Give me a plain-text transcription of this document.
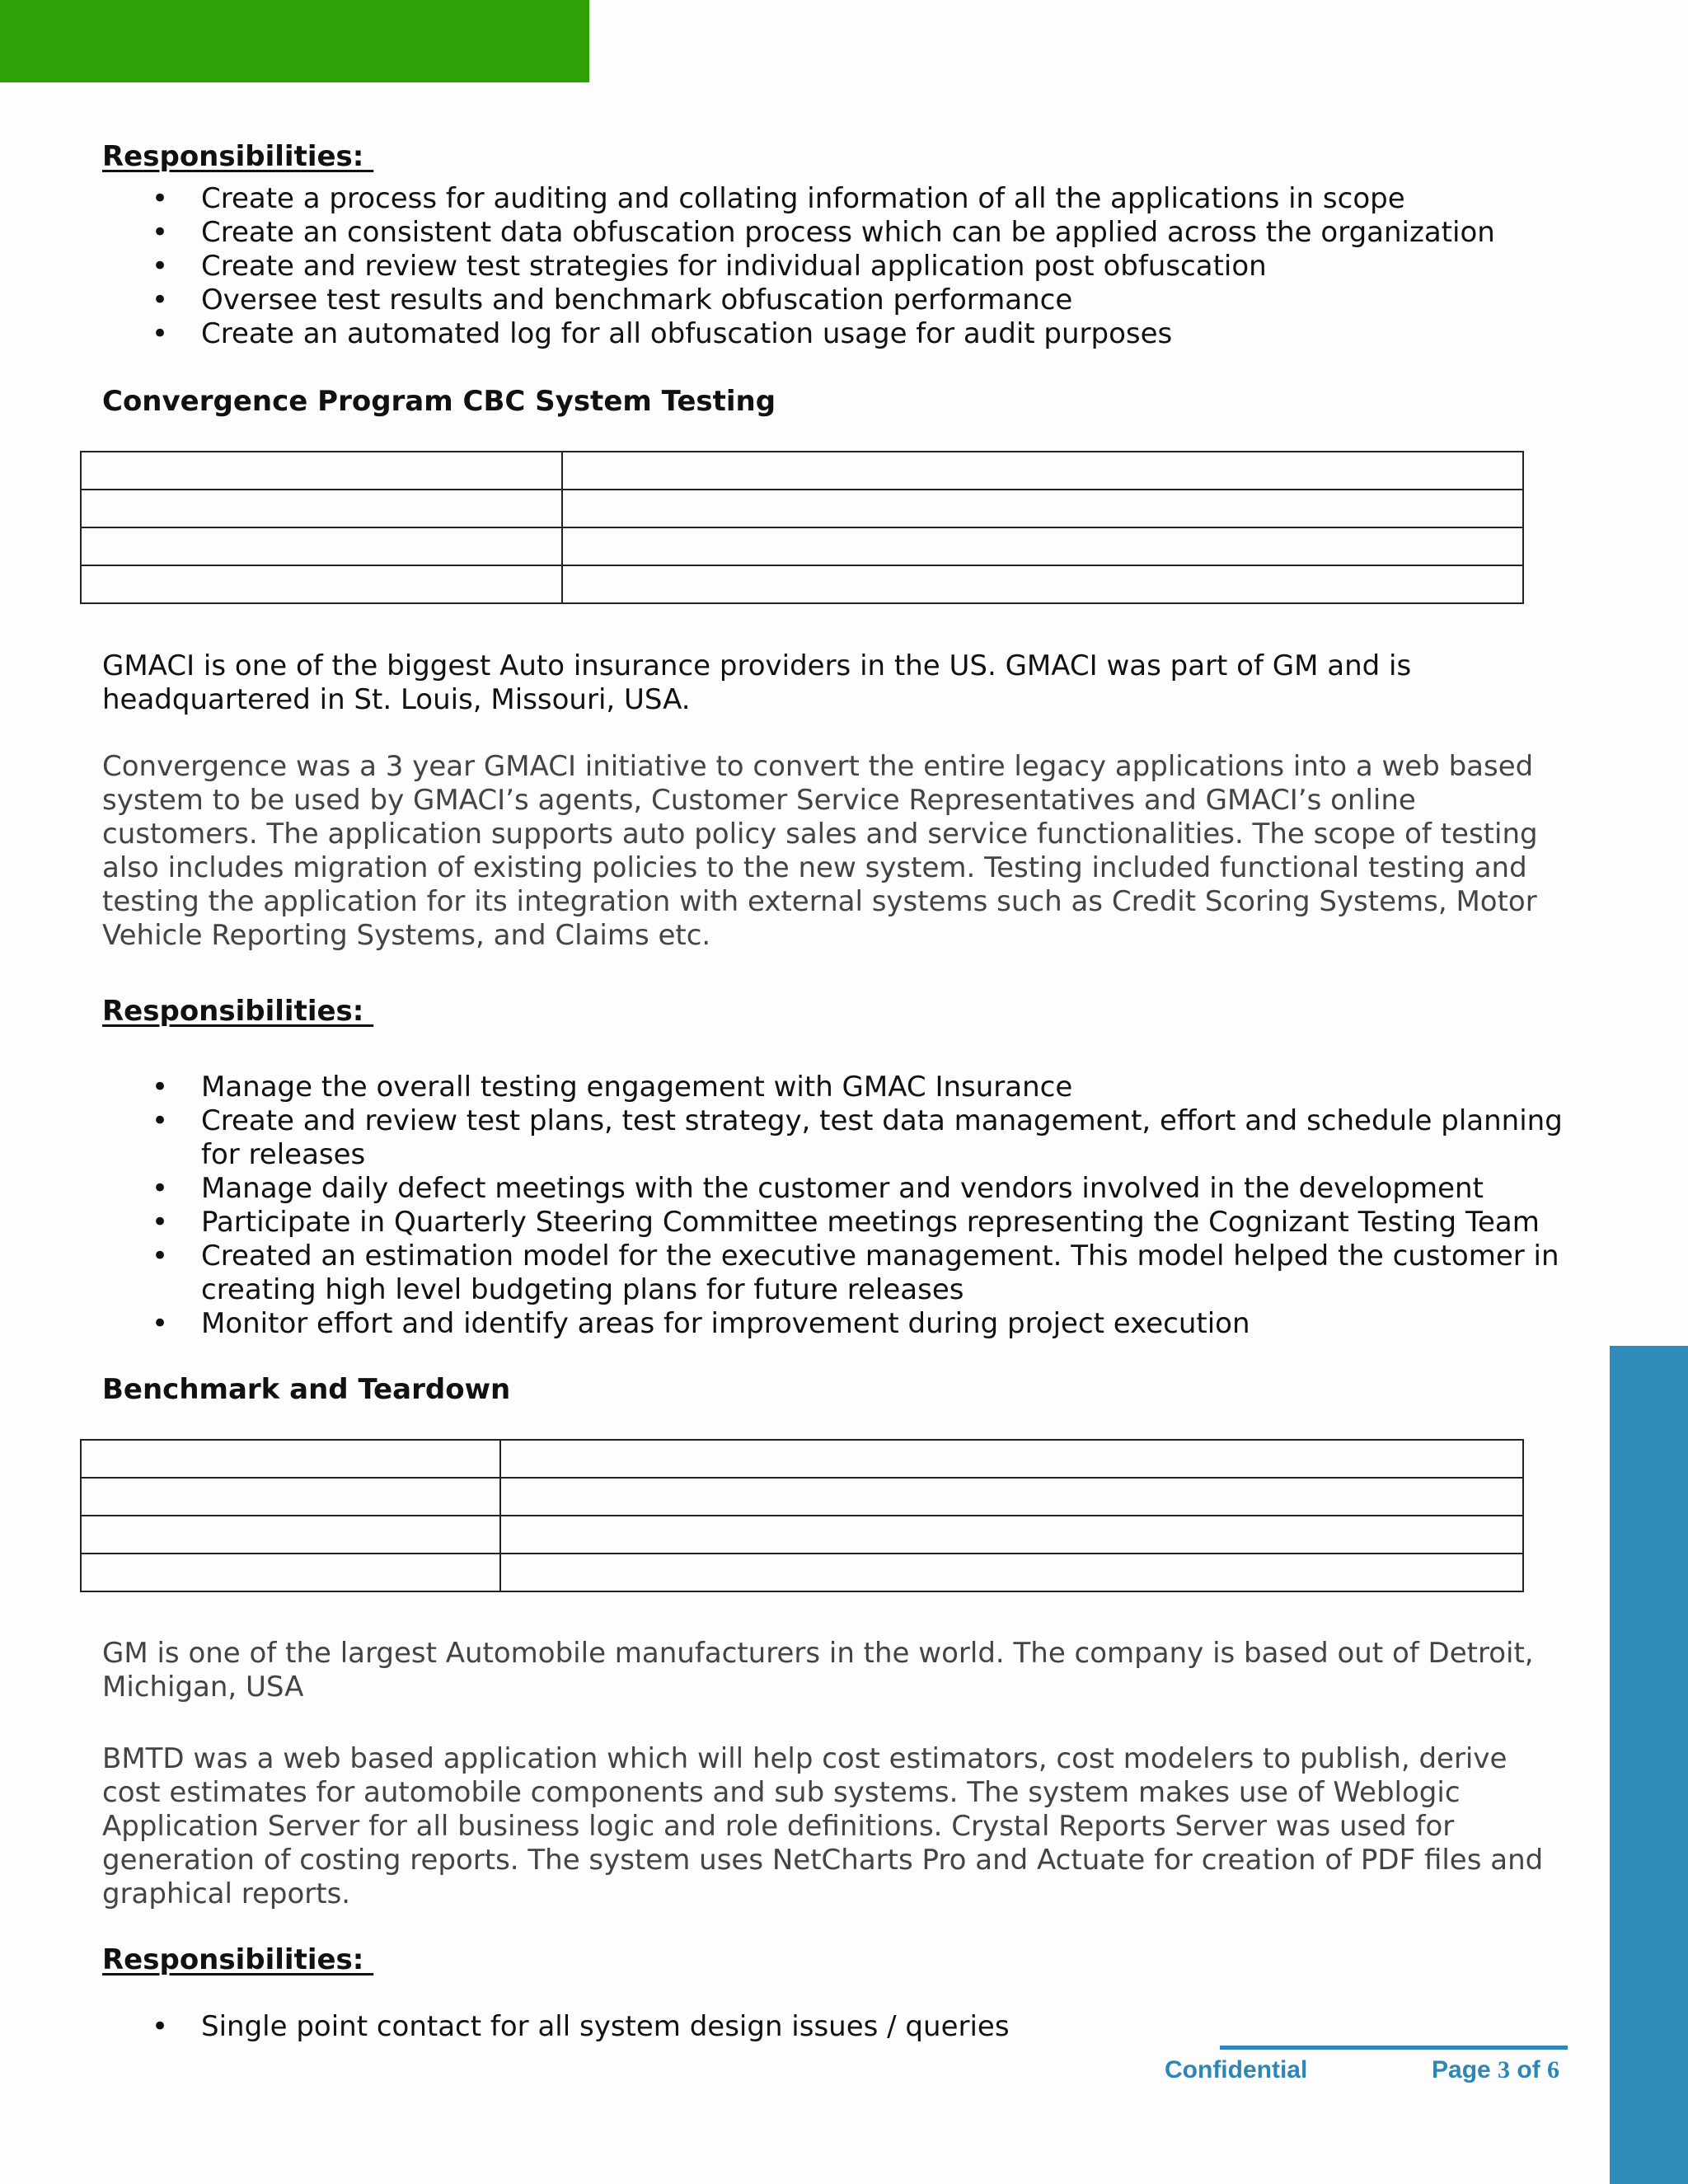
Responsibilities:
• Create a process for auditing and collating information of all the applications in scope
• Create an consistent data obfuscation process which can be applied across the organization
• Create and review test strategies for individual application post obfuscation
• Oversee test results and benchmark obfuscation performance
• Create an automated log for all obfuscation usage for audit purposes
Convergence Program CBC System Testing

GMACI is one of the biggest Auto insurance providers in the US. GMACI was part of GM and is headquartered in St. Louis, Missouri, USA.

Convergence was a 3 year GMACI initiative to convert the entire legacy applications into a web based system to be used by GMACI’s agents, Customer Service Representatives and GMACI’s online customers. The application supports auto policy sales and service functionalities. The scope of testing also includes migration of existing policies to the new system. Testing included functional testing and testing the application for its integration with external systems such as Credit Scoring Systems, Motor Vehicle Reporting Systems, and Claims etc.

Responsibilities:
• Manage the overall testing engagement with GMAC Insurance
• Create and review test plans, test strategy, test data management, effort and schedule planning for releases
• Manage daily defect meetings with the customer and vendors involved in the development
• Participate in Quarterly Steering Committee meetings representing the Cognizant Testing Team
• Created an estimation model for the executive management. This model helped the customer in creating high level budgeting plans for future releases
• Monitor effort and identify areas for improvement during project execution
Benchmark and Teardown

GM is one of the largest Automobile manufacturers in the world. The company is based out of Detroit, Michigan, USA

BMTD was a web based application which will help cost estimators, cost modelers to publish, derive cost estimates for automobile components and sub systems. The system makes use of Weblogic Application Server for all business logic and role definitions. Crystal Reports Server was used for generation of costing reports. The system uses NetCharts Pro and Actuate for creation of PDF files and graphical reports.

Responsibilities:
• Single point contact for all system design issues / queries
Confidential	Page 3 of 6
